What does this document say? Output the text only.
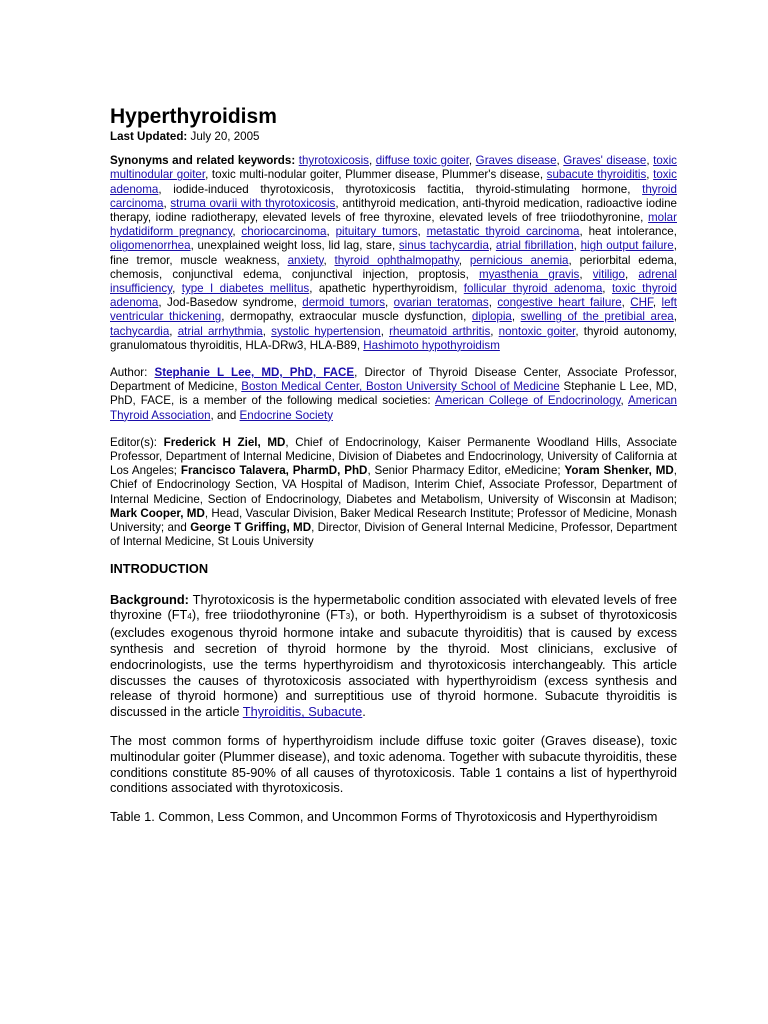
Hyperthyroidism
Last Updated: July 20, 2005

Synonyms and related keywords: thyrotoxicosis, diffuse toxic goiter, Graves disease, Graves' disease, toxic multinodular goiter, toxic multi-nodular goiter, Plummer disease, Plummer's disease, subacute thyroiditis, toxic adenoma, iodide-induced thyrotoxicosis, thyrotoxicosis factitia, thyroid-stimulating hormone, thyroid carcinoma, struma ovarii with thyrotoxicosis, antithyroid medication, anti-thyroid medication, radioactive iodine therapy, iodine radiotherapy, elevated levels of free thyroxine, elevated levels of free triiodothyronine, molar hydatidiform pregnancy, choriocarcinoma, pituitary tumors, metastatic thyroid carcinoma, heat intolerance, oligomenorrhea, unexplained weight loss, lid lag, stare, sinus tachycardia, atrial fibrillation, high output failure, fine tremor, muscle weakness, anxiety, thyroid ophthalmopathy, pernicious anemia, periorbital edema, chemosis, conjunctival edema, conjunctival injection, proptosis, myasthenia gravis, vitiligo, adrenal insufficiency, type I diabetes mellitus, apathetic hyperthyroidism, follicular thyroid adenoma, toxic thyroid adenoma, Jod-Basedow syndrome, dermoid tumors, ovarian teratomas, congestive heart failure, CHF, left ventricular thickening, dermopathy, extraocular muscle dysfunction, diplopia, swelling of the pretibial area, tachycardia, atrial arrhythmia, systolic hypertension, rheumatoid arthritis, nontoxic goiter, thyroid autonomy, granulomatous thyroiditis, HLA-DRw3, HLA-B89, Hashimoto hypothyroidism

Author: Stephanie L Lee, MD, PhD, FACE, Director of Thyroid Disease Center, Associate Professor, Department of Medicine, Boston Medical Center, Boston University School of Medicine Stephanie L Lee, MD, PhD, FACE, is a member of the following medical societies: American College of Endocrinology, American Thyroid Association, and Endocrine Society

Editor(s): Frederick H Ziel, MD, Chief of Endocrinology, Kaiser Permanente Woodland Hills, Associate Professor, Department of Internal Medicine, Division of Diabetes and Endocrinology, University of California at Los Angeles; Francisco Talavera, PharmD, PhD, Senior Pharmacy Editor, eMedicine; Yoram Shenker, MD, Chief of Endocrinology Section, VA Hospital of Madison, Interim Chief, Associate Professor, Department of Internal Medicine, Section of Endocrinology, Diabetes and Metabolism, University of Wisconsin at Madison; Mark Cooper, MD, Head, Vascular Division, Baker Medical Research Institute; Professor of Medicine, Monash University; and George T Griffing, MD, Director, Division of General Internal Medicine, Professor, Department of Internal Medicine, St Louis University

INTRODUCTION

Background: Thyrotoxicosis is the hypermetabolic condition associated with elevated levels of free thyroxine (FT4), free triiodothyronine (FT3), or both. Hyperthyroidism is a subset of thyrotoxicosis (excludes exogenous thyroid hormone intake and subacute thyroiditis) that is caused by excess synthesis and secretion of thyroid hormone by the thyroid. Most clinicians, exclusive of endocrinologists, use the terms hyperthyroidism and thyrotoxicosis interchangeably. This article discusses the causes of thyrotoxicosis associated with hyperthyroidism (excess synthesis and release of thyroid hormone) and surreptitious use of thyroid hormone. Subacute thyroiditis is discussed in the article Thyroiditis, Subacute.

The most common forms of hyperthyroidism include diffuse toxic goiter (Graves disease), toxic multinodular goiter (Plummer disease), and toxic adenoma. Together with subacute thyroiditis, these conditions constitute 85-90% of all causes of thyrotoxicosis. Table 1 contains a list of hyperthyroid conditions associated with thyrotoxicosis.

Table 1. Common, Less Common, and Uncommon Forms of Thyrotoxicosis and Hyperthyroidism
